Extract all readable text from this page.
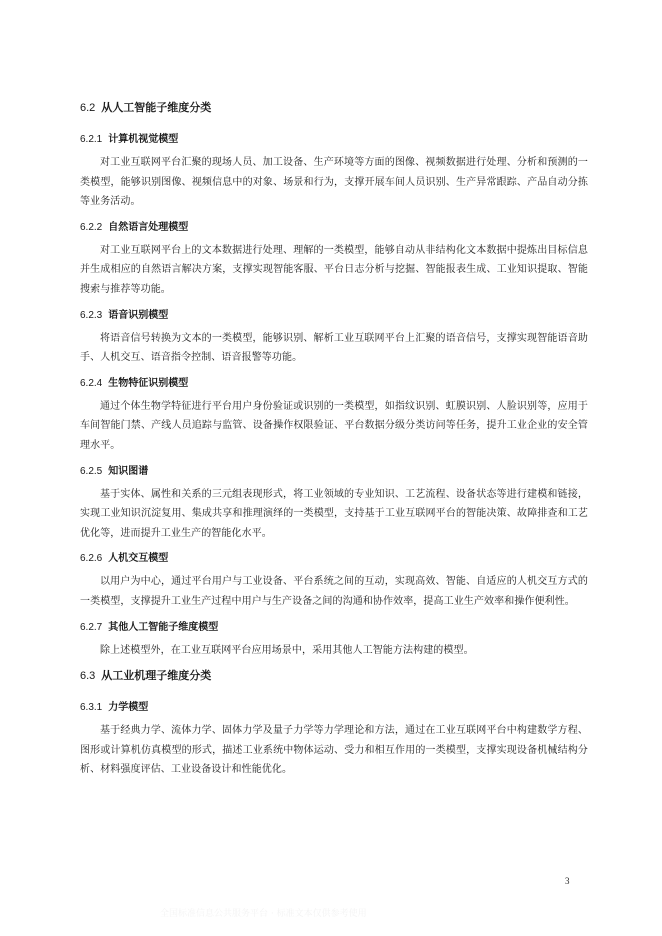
6.2 从人工智能子维度分类
6.2.1 计算机视觉模型

对工业互联网平台汇聚的现场人员、加工设备、生产环境等方面的图像、视频数据进行处理、分析和预测的一类模型，能够识别图像、视频信息中的对象、场景和行为，支撑开展车间人员识别、生产异常跟踪、产品自动分拣等业务活动。

6.2.2 自然语言处理模型

对工业互联网平台上的文本数据进行处理、理解的一类模型，能够自动从非结构化文本数据中提炼出目标信息并生成相应的自然语言解决方案，支撑实现智能客服、平台日志分析与挖掘、智能报表生成、工业知识提取、智能搜索与推荐等功能。

6.2.3 语音识别模型

将语音信号转换为文本的一类模型，能够识别、解析工业互联网平台上汇聚的语音信号，支撑实现智能语音助手、人机交互、语音指令控制、语音报警等功能。

6.2.4 生物特征识别模型

通过个体生物学特征进行平台用户身份验证或识别的一类模型，如指纹识别、虹膜识别、人脸识别等，应用于车间智能门禁、产线人员追踪与监管、设备操作权限验证、平台数据分级分类访问等任务，提升工业企业的安全管理水平。

6.2.5 知识图谱

基于实体、属性和关系的三元组表现形式，将工业领域的专业知识、工艺流程、设备状态等进行建模和链接，实现工业知识沉淀复用、集成共享和推理演绎的一类模型，支持基于工业互联网平台的智能决策、故障排查和工艺优化等，进而提升工业生产的智能化水平。

6.2.6 人机交互模型

以用户为中心，通过平台用户与工业设备、平台系统之间的互动，实现高效、智能、自适应的人机交互方式的一类模型，支撑提升工业生产过程中用户与生产设备之间的沟通和协作效率，提高工业生产效率和操作便利性。

6.2.7 其他人工智能子维度模型

除上述模型外，在工业互联网平台应用场景中，采用其他人工智能方法构建的模型。

6.3 从工业机理子维度分类
6.3.1 力学模型

基于经典力学、流体力学、固体力学及量子力学等力学理论和方法，通过在工业互联网平台中构建数学方程、图形或计算机仿真模型的形式，描述工业系统中物体运动、受力和相互作用的一类模型，支撑实现设备机械结构分析、材料强度评估、工业设备设计和性能优化。

3
全国标准信息公共服务平台 · 标准文本仅供参考使用
